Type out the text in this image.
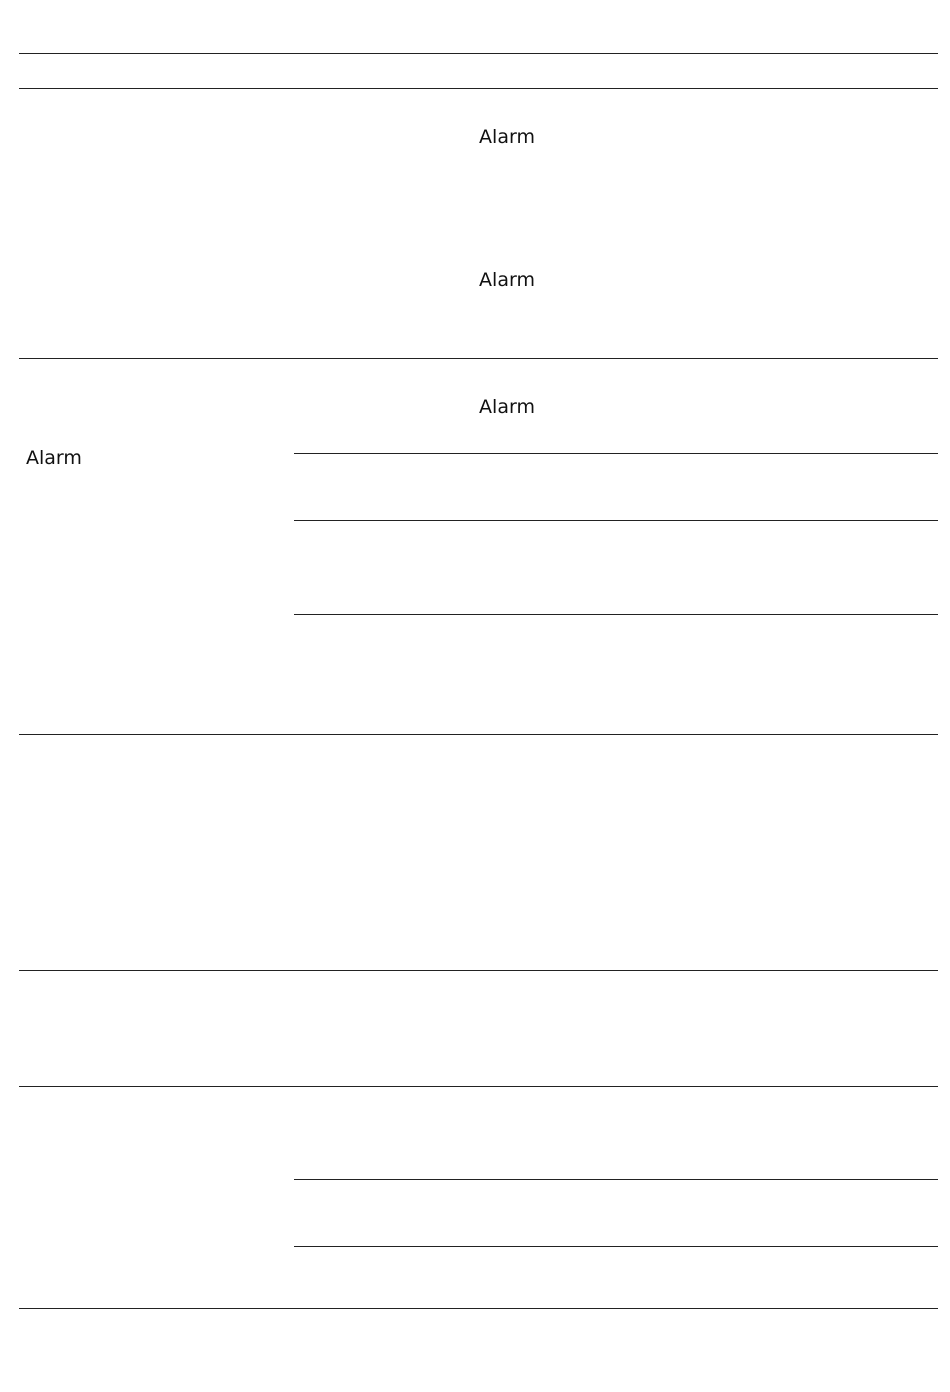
Alarm
Alarm
Alarm
Alarm
